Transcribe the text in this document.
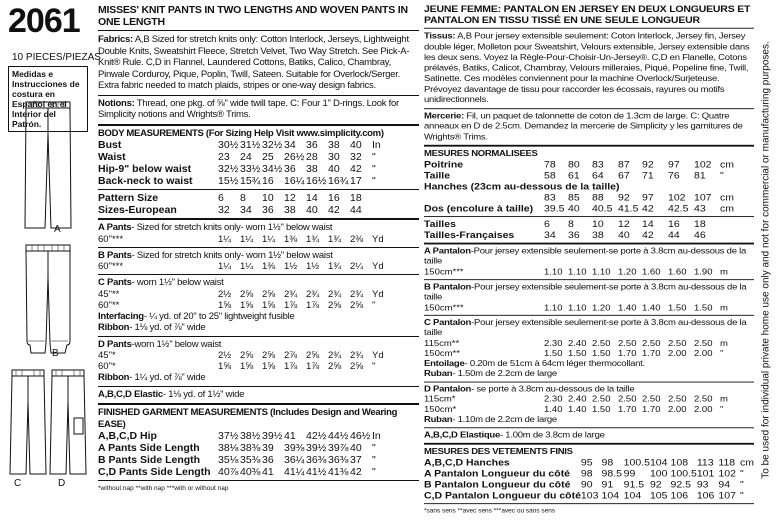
2061
10 PIECES/PIEZAS
Medidas e Instrucciones de costura en Español en el Interior del Patrón.
A
B
C	D
To be used for individual private home use only and not for commercial or manufacturing purposes.
MISSES' KNIT PANTS IN TWO LENGTHS AND WOVEN PANTS IN ONE LENGTH
Fabrics: A,B Sized for stretch knits only: Cotton Interlock, Jerseys, Lightweight Double Knits, Sweatshirt Fleece, Stretch Velvet, Two Way Stretch. See Pick-A-Knit® Rule. C,D in Flannel, Laundered Cottons, Batiks, Calico, Chambray, Pinwale Corduroy, Pique, Poplin, Twill, Sateen. Suitable for Overlock/Serger. Extra fabric needed to match plaids, stripes or one-way design fabrics.
Notions: Thread, one pkg. of ⅝" wide twill tape. C: Four 1" D-rings. Look for Simplicity notions and Wrights® Trims.
BODY MEASUREMENTS (For Sizing Help Visit www.simplicity.com)
Bust	30½	31½	32½	34	36	38	40	In
Waist	23	24	25	26½	28	30	32	"
Hip-9" below waist	32½	33½	34½	36	38	40	42	"
Back-neck to waist	15½	15¾	16	16¼	16½	16¾	17	"
Pattern Size	6	8	10	12	14	16	18	
Sizes-European	32	34	36	38	40	42	44	
A Pants- Sized for stretch knits only- worn 1½" below waist
60"***	1¼	1¼	1¼	1⅜	1¾	1¾	2⅜	Yd
B Pants- Sized for stretch knits only- worn 1½" below waist
60"***	1¼	1¼	1⅜	1½	1½	1¾	2¼	Yd
C Pants- worn 1½" below waist
45"**	2½	2⅝	2⅝	2¾	2¾	2¾	2¾	Yd
60"**	1⅝	1⅝	1⅝	1⅞	1⅞	2⅝	2⅝	"
Interfacing- ¼ yd. of 20" to 25" lightweight fusible
Ribbon- 1⅛ yd. of ⅞" wide
D Pants-worn 1½" below waist
45"*	2½	2⅝	2⅝	2⅞	2⅝	2¾	2¾	Yd
60"*	1⅝	1⅝	1⅝	1⅞	1⅞	2⅝	2⅝	"
Ribbon- 1¼ yd. of ⅞" wide
A,B,C,D Elastic- 1⅛ yd. of 1½" wide
FINISHED GARMENT MEASUREMENTS (Includes Design and Wearing EASE)
A,B,C,D Hip	37½	38½	39½	41	42½	44½	46½	In
A Pants Side Length	38⅛	38⅜	39	39⅜	39½	39⅞	40	"
B Pants Side Length	35⅛	35⅜	36	36¼	36⅜	36⅜	37	"
C,D Pants Side Length	40⅞	40⅜	41	41¼	41½	41⅜	42	"
*without nap **with nap ***with or without nap
JEUNE FEMME: PANTALON EN JERSEY EN DEUX LONGUEURS ET PANTALON EN TISSU TISSÉ EN UNE SEULE LONGUEUR
Tissus: A,B Pour jersey extensible seulement: Coton Interlock, Jersey fin, Jersey double léger, Molleton pour Sweatshirt, Velours extensible, Jersey extensible dans les deux sens. Voyez la Règle-Pour-Choisir-Un-Jersey®. C,D en Flanelle, Cotons prélavés, Batiks, Calicot, Chambray, Velours milleraies, Piqué, Popeline fine, Twill, Satinette. Ces modèles conviennent pour la machine Overlock/Surjeteuse. Prévoyez davantage de tissu pour raccorder les écossais, rayures ou motifs unidirectionnels.
Mercerie: Fil, un paquet de talonnette de coton de 1.3cm de large. C: Quatre anneaux en D de 2.5cm. Demandez la mercerie de Simplicity y les garnitures de Wrights® Trims.
MESURES NORMALISEES
Poitrine	78	80	83	87	92	97	102	cm
Taille	58	61	64	67	71	76	81	"
Hanches (23cm au-dessous de la taille)								
	83	85	88	92	97	102	107	cm
Dos (encolure à taille)	39.5	40	40.5	41.5	42	42.5	43	cm
Tailles	6	8	10	12	14	16	18	
Tailles-Françaises	34	36	38	40	42	44	46	
A Pantalon-Pour jersey extensible seulement-se porte à 3.8cm au-dessous de la taille
150cm***	1.10	1.10	1.10	1.20	1.60	1.60	1.90	m
B Pantalon-Pour jersey extensible seulement-se porte à 3.8cm au-dessous de la taille
150cm***	1.10	1.10	1.20	1.40	1.40	1.50	1.50	m
C Pantalon-Pour jersey extensible seulement-se porte à 3.8cm au-dessous de la taille
115cm**	2.30	2.40	2.50	2.50	2.50	2.50	2.50	m
150cm**	1.50	1.50	1.50	1.70	1.70	2.00	2.00	"
Entoilage- 0.20m de 51cm à 64cm léger thermocollant.
Ruban- 1.50m de 2.2cm de large
D Pantalon- se porte à 3.8cm au-dessous de la taille
115cm*	2.30	2.40	2.50	2.50	2.50	2.50	2.50	m
150cm*	1.40	1.40	1.50	1.70	1.70	2.00	2.00	"
Ruban- 1.10m de 2.2cm de large
A,B,C,D Elastique- 1.00m de 3.8cm de large
MESURES DES VETEMENTS FINIS
A,B,C,D Hanches	95	98	100.5	104	108	113	118	cm
A Pantalon Longueur du côté	98	98.5	99	100	100.5	101	102	"
B Pantalon Longueur du côté	90	91	91.5	92	92.5	93	94	"
C,D Pantalon Longueur du côté	103	104	104	105	106	106	107	"
*sans sens **avec sens ***avec ou sans sens
